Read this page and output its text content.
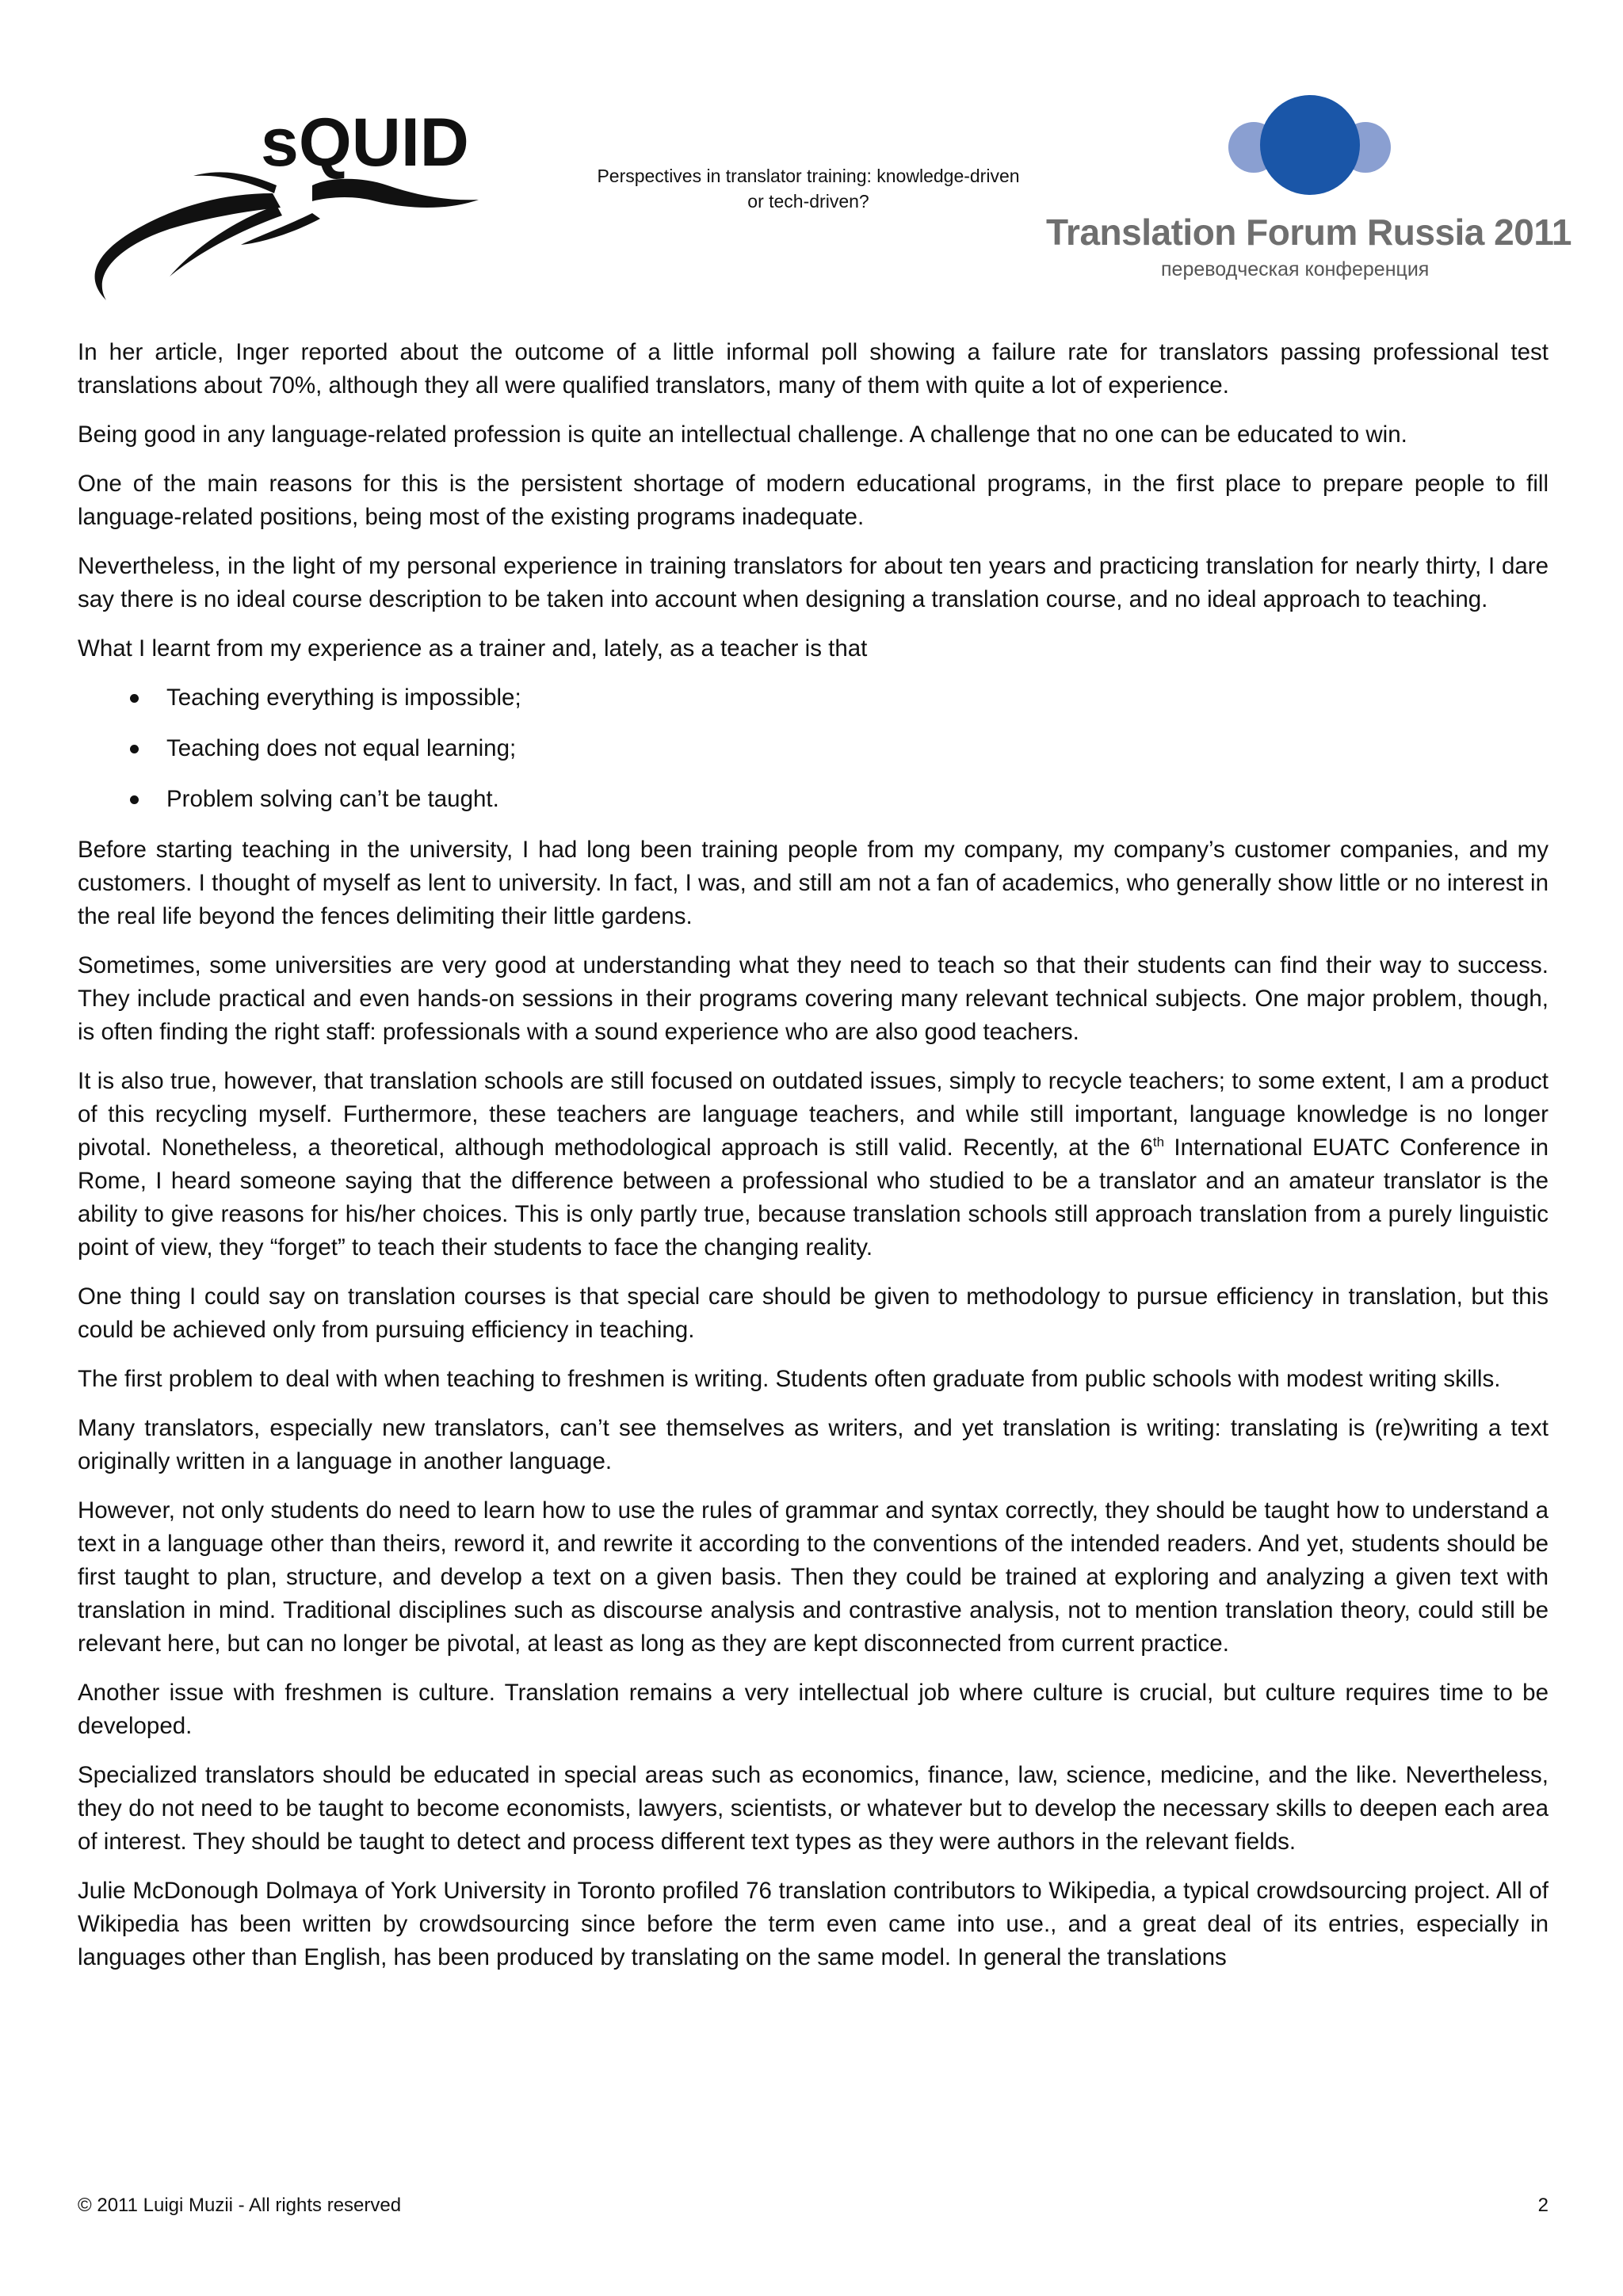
sQUID	Perspectives in translator training: knowledge-driven
or tech-driven?
Translation Forum Russia 2011
переводческая конференция

In her article, Inger reported about the outcome of a little informal poll showing a failure rate for translators passing professional test translations about 70%, although they all were qualified translators, many of them with quite a lot of experience.

Being good in any language-related profession is quite an intellectual challenge. A challenge that no one can be educated to win.

One of the main reasons for this is the persistent shortage of modern educational programs, in the first place to prepare people to fill language-related positions, being most of the existing programs inadequate.

Nevertheless, in the light of my personal experience in training translators for about ten years and practicing translation for nearly thirty, I dare say there is no ideal course description to be taken into account when designing a translation course, and no ideal approach to teaching.

What I learnt from my experience as a trainer and, lately, as a teacher is that

Teaching everything is impossible;
Teaching does not equal learning;
Problem solving can’t be taught.

Before starting teaching in the university, I had long been training people from my company, my company’s customer companies, and my customers. I thought of myself as lent to university. In fact, I was, and still am not a fan of academics, who generally show little or no interest in the real life beyond the fences delimiting their little gardens.

Sometimes, some universities are very good at understanding what they need to teach so that their students can find their way to success. They include practical and even hands-on sessions in their programs covering many relevant technical subjects. One major problem, though, is often finding the right staff: professionals with a sound experience who are also good teachers.

It is also true, however, that translation schools are still focused on outdated issues, simply to recycle teachers; to some extent, I am a product of this recycling myself. Furthermore, these teachers are language teachers, and while still important, language knowledge is no longer pivotal. Nonetheless, a theoretical, although methodological approach is still valid. Recently, at the 6th International EUATC Conference in Rome, I heard someone saying that the difference between a professional who studied to be a translator and an amateur translator is the ability to give reasons for his/her choices. This is only partly true, because translation schools still approach translation from a purely linguistic point of view, they “forget” to teach their students to face the changing reality.

One thing I could say on translation courses is that special care should be given to methodology to pursue efficiency in translation, but this could be achieved only from pursuing efficiency in teaching.

The first problem to deal with when teaching to freshmen is writing. Students often graduate from public schools with modest writing skills.

Many translators, especially new translators, can’t see themselves as writers, and yet translation is writing: translating is (re)writing a text originally written in a language in another language.

However, not only students do need to learn how to use the rules of grammar and syntax correctly, they should be taught how to understand a text in a language other than theirs, reword it, and rewrite it according to the conventions of the intended readers. And yet, students should be first taught to plan, structure, and develop a text on a given basis. Then they could be trained at exploring and analyzing a given text with translation in mind. Traditional disciplines such as discourse analysis and contrastive analysis, not to mention translation theory, could still be relevant here, but can no longer be pivotal, at least as long as they are kept disconnected from current practice.

Another issue with freshmen is culture. Translation remains a very intellectual job where culture is crucial, but culture requires time to be developed.

Specialized translators should be educated in special areas such as economics, finance, law, science, medicine, and the like. Nevertheless, they do not need to be taught to become economists, lawyers, scientists, or whatever but to develop the necessary skills to deepen each area of interest. They should be taught to detect and process different text types as they were authors in the relevant fields.

Julie McDonough Dolmaya of York University in Toronto profiled 76 translation contributors to Wikipedia, a typical crowdsourcing project. All of Wikipedia has been written by crowdsourcing since before the term even came into use., and a great deal of its entries, especially in languages other than English, has been produced by translating on the same model. In general the translations

© 2011 Luigi Muzii - All rights reserved	2
